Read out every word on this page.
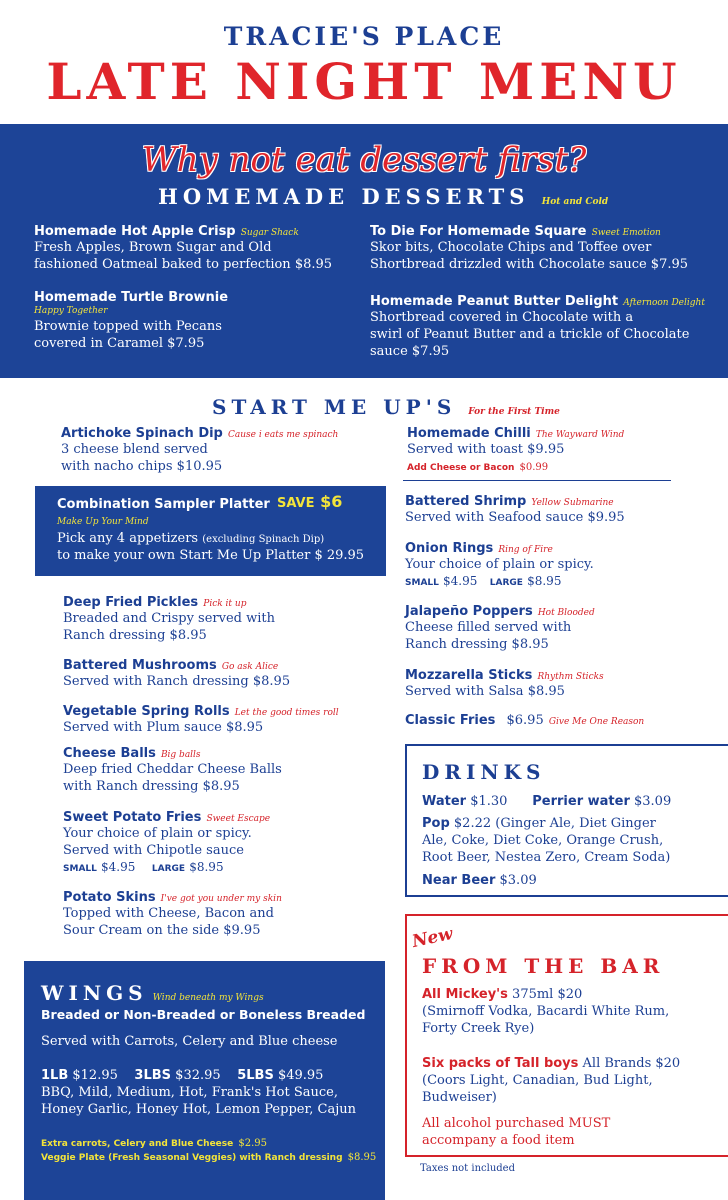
TRACIE'S PLACE
LATE NIGHT MENU
Why not eat dessert first?
HOMEMADE DESSERTS Hot and Cold
Homemade Hot Apple Crisp Sugar Shack
Fresh Apples, Brown Sugar and Old
fashioned Oatmeal baked to perfection $8.95
To Die For Homemade Square Sweet Emotion
Skor bits, Chocolate Chips and Toffee over
Shortbread drizzled with Chocolate sauce $7.95
Homemade Turtle Brownie
Happy Together
Brownie topped with Pecans
covered in Caramel $7.95
Homemade Peanut Butter Delight Afternoon Delight
Shortbread covered in Chocolate with a
swirl of Peanut Butter and a trickle of Chocolate
sauce $7.95
START ME UP'S For the First Time
Artichoke Spinach Dip Cause i eats me spinach
3 cheese blend served
with nacho chips $10.95
Homemade Chilli The Wayward Wind
Served with toast $9.95
Add Cheese or Bacon $0.99
Combination Sampler Platter SAVE $6
Make Up Your Mind
Pick any 4 appetizers (excluding Spinach Dip)
to make your own Start Me Up Platter $ 29.95
Battered Shrimp Yellow Submarine
Served with Seafood sauce $9.95
Onion Rings Ring of Fire
Your choice of plain or spicy.
SMALL $4.95 LARGE $8.95
Deep Fried Pickles Pick it up
Breaded and Crispy served with
Ranch dressing $8.95
Jalapeño Poppers Hot Blooded
Cheese filled served with
Ranch dressing $8.95
Battered Mushrooms Go ask Alice
Served with Ranch dressing $8.95	Mozzarella Sticks Rhythm Sticks
Served with Salsa $8.95
Vegetable Spring Rolls Let the good times roll
Served with Plum sauce $8.95	Classic Fries $6.95 Give Me One Reason
Cheese Balls Big balls
Deep fried Cheddar Cheese Balls
with Ranch dressing $8.95
Sweet Potato Fries Sweet Escape
Your choice of plain or spicy.
Served with Chipotle sauce
SMALL $4.95 LARGE $8.95
Potato Skins I've got you under my skin
Topped with Cheese, Bacon and
Sour Cream on the side $9.95
DRINKS
Water $1.30 Perrier water $3.09
Pop $2.22 (Ginger Ale, Diet Ginger
Ale, Coke, Diet Coke, Orange Crush,
Root Beer, Nestea Zero, Cream Soda)
Near Beer $3.09
WINGS Wind beneath my Wings
Breaded or Non-Breaded or Boneless Breaded
Served with Carrots, Celery and Blue cheese
1LB $12.95 3LBS $32.95 5LBS $49.95
BBQ, Mild, Medium, Hot, Frank's Hot Sauce,
Honey Garlic, Honey Hot, Lemon Pepper, Cajun
Extra carrots, Celery and Blue Cheese $2.95
Veggie Plate (Fresh Seasonal Veggies) with Ranch dressing $8.95
New
FROM THE BAR
All Mickey's 375ml $20
(Smirnoff Vodka, Bacardi White Rum,
Forty Creek Rye)
Six packs of Tall boys All Brands $20
(Coors Light, Canadian, Bud Light,
Budweiser)
All alcohol purchased MUST
accompany a food item
Taxes not included
